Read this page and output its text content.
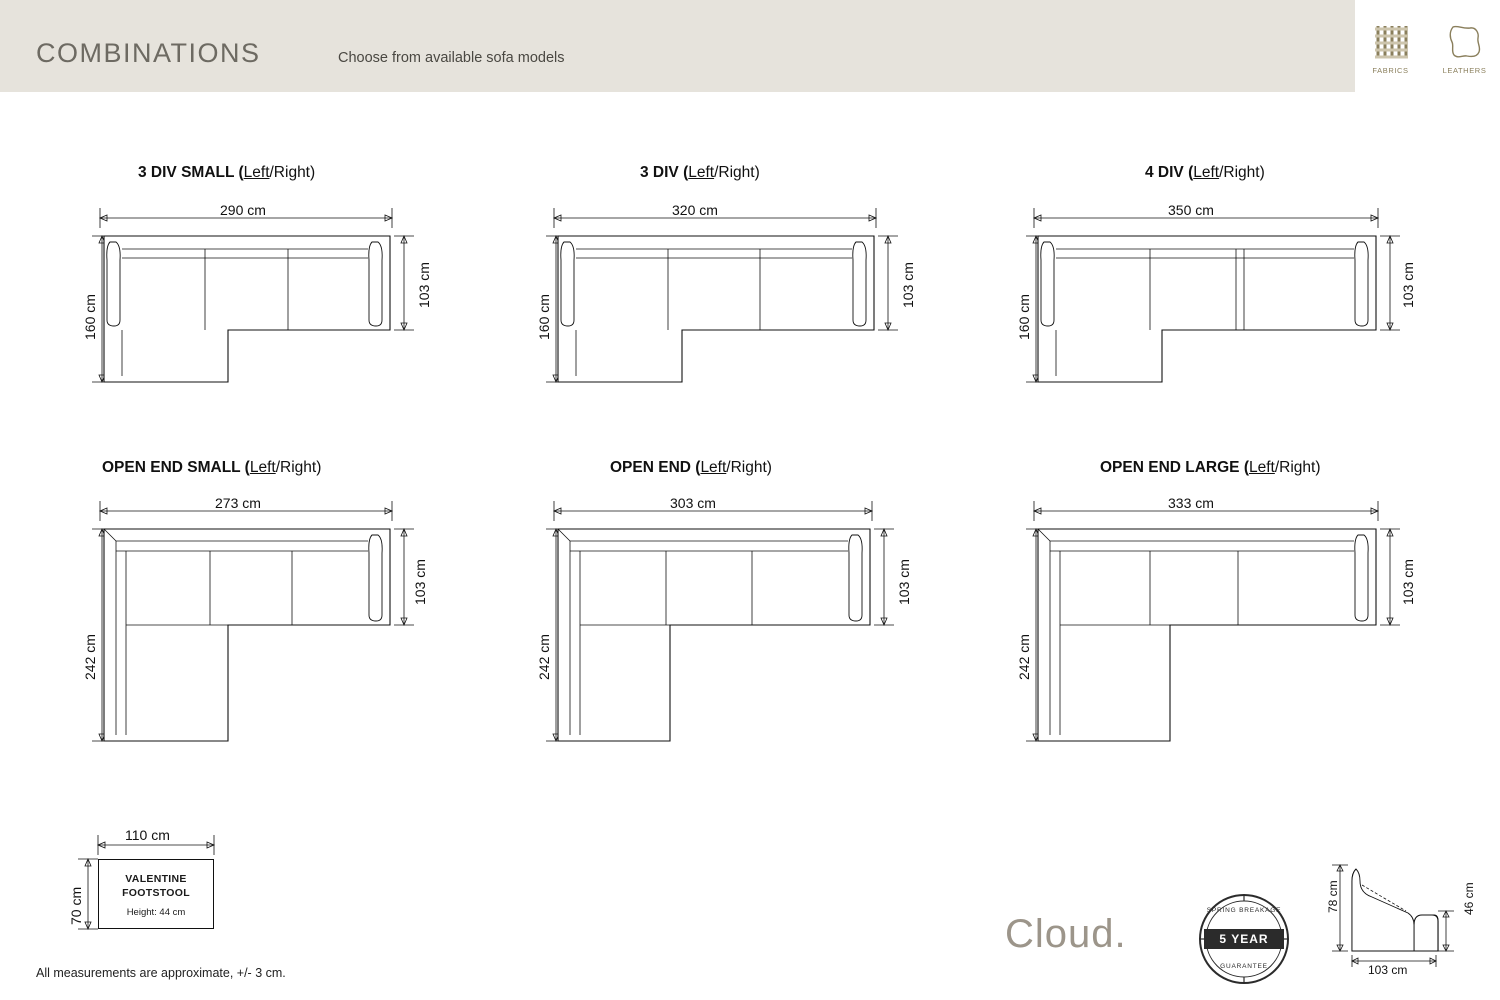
COMBINATIONS	Choose from available sofa models
FABRICS	LEATHERS
3 DIV SMALL (Left/Right)
290 cm
160 cm
103 cm
3 DIV (Left/Right)
320 cm
160 cm
103 cm
4 DIV (Left/Right)
350 cm
160 cm
103 cm
OPEN END SMALL (Left/Right)
273 cm
242 cm
103 cm
OPEN END (Left/Right)
303 cm
242 cm
103 cm
OPEN END LARGE (Left/Right)
333 cm
242 cm
103 cm
110 cm
70 cm
VALENTINE
FOOTSTOOL
Height: 44 cm	78 cm	46 cm
103 cm
Cloud.
SPRING BREAKAGE
5 YEAR
GUARANTEE
All measurements are approximate, +/- 3 cm.
